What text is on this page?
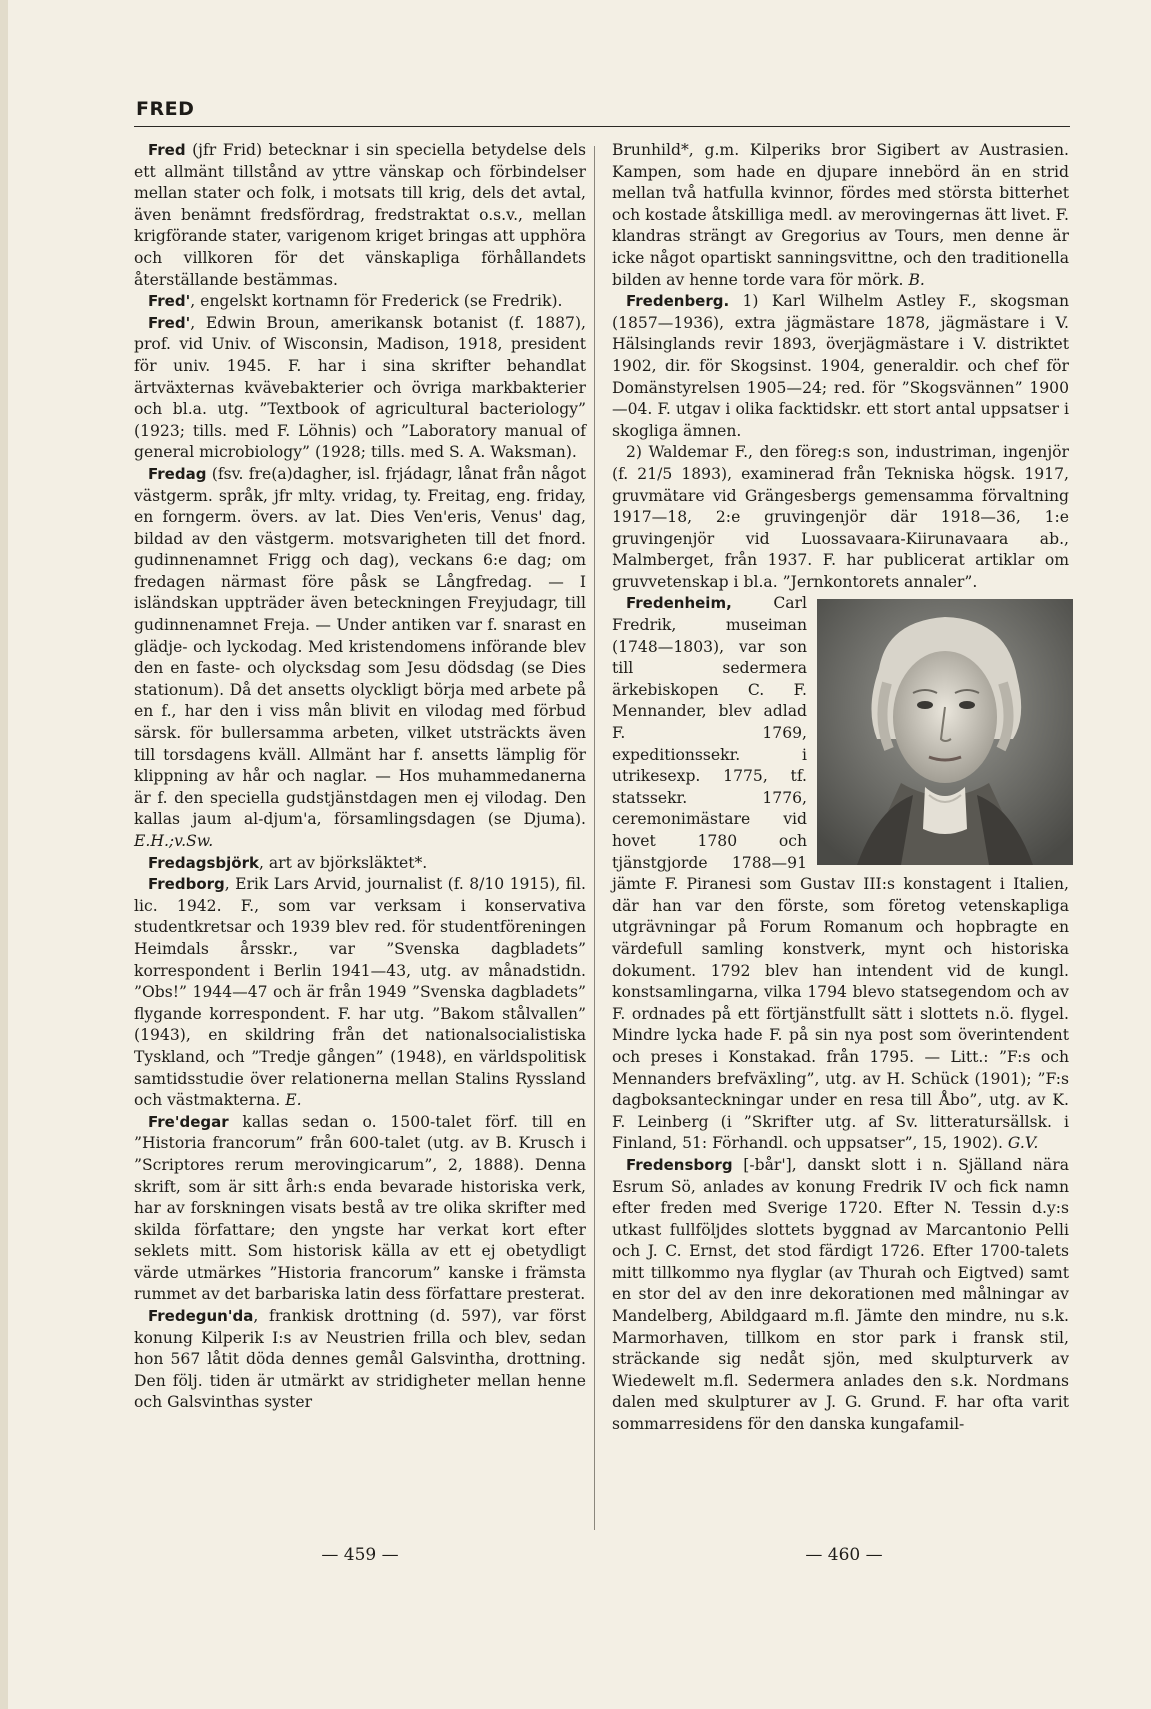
FRED

Fred (jfr Frid) betecknar i sin speciella betydelse dels ett allmänt tillstånd av yttre vänskap och förbindelser mellan stater och folk, i motsats till krig, dels det avtal, även benämnt fredsfördrag, fredstraktat o.s.v., mellan krigförande stater, varigenom kriget bringas att upphöra och villkoren för det vänskapliga förhållandets återställande bestämmas.

Fred', engelskt kortnamn för Frederick (se Fredrik).

Fred', Edwin Broun, amerikansk botanist (f. 1887), prof. vid Univ. of Wisconsin, Madison, 1918, president för univ. 1945. F. har i sina skrifter behandlat ärtväxternas kvävebakterier och övriga markbakterier och bl.a. utg. ”Textbook of agricultural bacteriology” (1923; tills. med F. Löhnis) och ”Laboratory manual of general microbiology” (1928; tills. med S. A. Waksman).

Fredag (fsv. fre(a)dagher, isl. frjádagr, lånat från något västgerm. språk, jfr mlty. vridag, ty. Freitag, eng. friday, en forngerm. övers. av lat. Dies Ven'eris, Venus' dag, bildad av den västgerm. motsvarigheten till det fnord. gudinnenamnet Frigg och dag), veckans 6:e dag; om fredagen närmast före påsk se Långfredag. — I isländskan uppträder även beteckningen Freyjudagr, till gudinnenamnet Freja. — Under antiken var f. snarast en glädje- och lyckodag. Med kristendomens införande blev den en faste- och olycksdag som Jesu dödsdag (se Dies stationum). Då det ansetts olyckligt börja med arbete på en f., har den i viss mån blivit en vilodag med förbud särsk. för bullersamma arbeten, vilket utsträckts även till torsdagens kväll. Allmänt har f. ansetts lämplig för klippning av hår och naglar. — Hos muhammedanerna är f. den speciella gudstjänstdagen men ej vilodag. Den kallas jaum al-djum'a, församlingsdagen (se Djuma). E.H.;v.Sw.

Fredagsbjörk, art av björksläktet*.

Fredborg, Erik Lars Arvid, journalist (f. 8/10 1915), fil. lic. 1942. F., som var verksam i konservativa studentkretsar och 1939 blev red. för studentföreningen Heimdals årsskr., var ”Svenska dagbladets” korrespondent i Berlin 1941—43, utg. av månadstidn. ”Obs!” 1944—47 och är från 1949 ”Svenska dagbladets” flygande korrespondent. F. har utg. ”Bakom stålvallen” (1943), en skildring från det nationalsocialistiska Tyskland, och ”Tredje gången” (1948), en världspolitisk samtidsstudie över relationerna mellan Stalins Ryssland och västmakterna. E.

Fre'degar kallas sedan o. 1500-talet förf. till en ”Historia francorum” från 600-talet (utg. av B. Krusch i ”Scriptores rerum merovingicarum”, 2, 1888). Denna skrift, som är sitt årh:s enda bevarade historiska verk, har av forskningen visats bestå av tre olika skrifter med skilda författare; den yngste har verkat kort efter seklets mitt. Som historisk källa av ett ej obetydligt värde utmärkes ”Historia francorum” kanske i främsta rummet av det barbariska latin dess författare presterat.

Fredegun'da, frankisk drottning (d. 597), var först konung Kilperik I:s av Neustrien frilla och blev, sedan hon 567 låtit döda dennes gemål Galsvintha, drottning. Den följ. tiden är utmärkt av stridigheter mellan henne och Galsvinthas syster

Brunhild*, g.m. Kilperiks bror Sigibert av Austrasien. Kampen, som hade en djupare innebörd än en strid mellan två hatfulla kvinnor, fördes med största bitterhet och kostade åtskilliga medl. av merovingernas ätt livet. F. klandras strängt av Gregorius av Tours, men denne är icke något opartiskt sanningsvittne, och den traditionella bilden av henne torde vara för mörk. B.

Fredenberg. 1) Karl Wilhelm Astley F., skogsman (1857—1936), extra jägmästare 1878, jägmästare i V. Hälsinglands revir 1893, överjägmästare i V. distriktet 1902, dir. för Skogsinst. 1904, generaldir. och chef för Domänstyrelsen 1905—24; red. för ”Skogsvännen” 1900—04. F. utgav i olika facktidskr. ett stort antal uppsatser i skogliga ämnen.

2) Waldemar F., den föreg:s son, industriman, ingenjör (f. 21/5 1893), examinerad från Tekniska högsk. 1917, gruvmätare vid Grängesbergs gemensamma förvaltning 1917—18, 2:e gruvingenjör där 1918—36, 1:e gruvingenjör vid Luossavaara-Kiirunavaara ab., Malmberget, från 1937. F. har publicerat artiklar om gruvvetenskap i bl.a. ”Jernkontorets annaler”.

Fredenheim, Carl Fredrik, museiman (1748—1803), var son till sedermera ärkebiskopen C. F. Mennander, blev adlad F. 1769, expeditionssekr. i utrikesexp. 1775, tf. statssekr. 1776, ceremonimästare vid hovet 1780 och tjänstgjorde 1788—91 jämte F. Piranesi som Gustav III:s konstagent i Italien, där han var den förste, som företog vetenskapliga utgrävningar på Forum Romanum och hopbragte en värdefull samling konstverk, mynt och historiska dokument. 1792 blev han intendent vid de kungl. konstsamlingarna, vilka 1794 blevo statsegendom och av F. ordnades på ett förtjänstfullt sätt i slottets n.ö. flygel. Mindre lycka hade F. på sin nya post som överintendent och preses i Konstakad. från 1795. — Litt.: ”F:s och Mennanders brefväxling”, utg. av H. Schück (1901); ”F:s dagboksanteckningar under en resa till Åbo”, utg. av K. F. Leinberg (i ”Skrifter utg. af Sv. litteratursällsk. i Finland, 51: Förhandl. och uppsatser”, 15, 1902). G.V.

Fredensborg [-bår'], danskt slott i n. Själland nära Esrum Sö, anlades av konung Fredrik IV och fick namn efter freden med Sverige 1720. Efter N. Tessin d.y:s utkast fullföljdes slottets byggnad av Marcantonio Pelli och J. C. Ernst, det stod färdigt 1726. Efter 1700-talets mitt tillkommo nya flyglar (av Thurah och Eigtved) samt en stor del av den inre dekorationen med målningar av Mandelberg, Abildgaard m.fl. Jämte den mindre, nu s.k. Marmorhaven, tillkom en stor park i fransk stil, sträckande sig nedåt sjön, med skulpturverk av Wiedewelt m.fl. Sedermera anlades den s.k. Nordmans dalen med skulpturer av J. G. Grund. F. har ofta varit sommarresidens för den danska kungafamil-

— 459 —	— 460 —
